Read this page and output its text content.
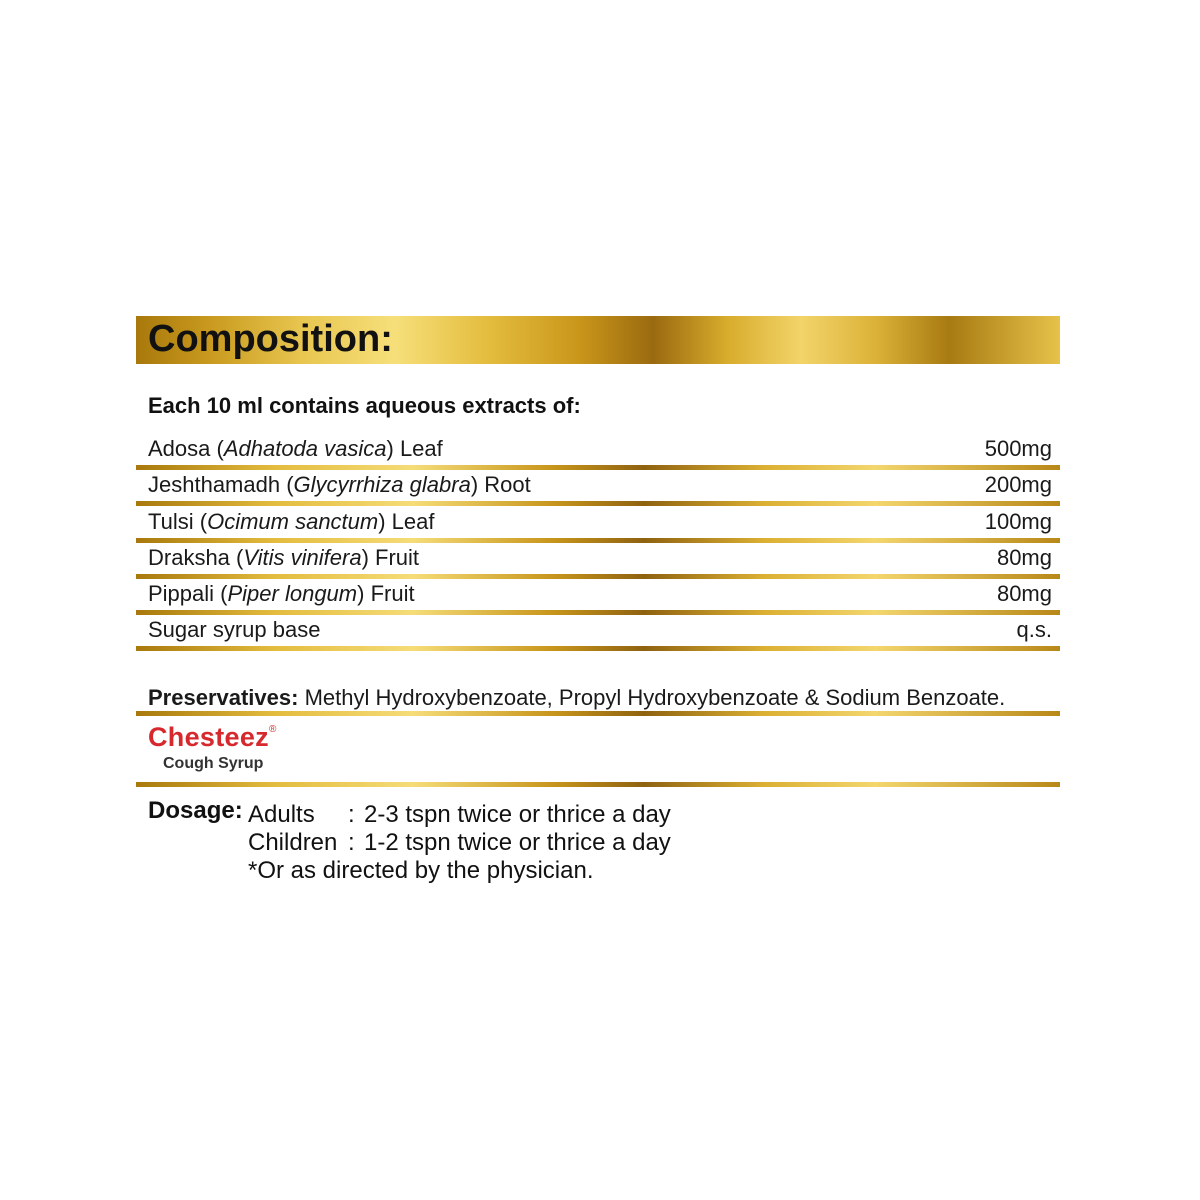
Composition:
Each 10 ml contains aqueous extracts of:
Adosa (Adhatoda vasica) Leaf	500mg
Jeshthamadh (Glycyrrhiza glabra) Root	200mg
Tulsi (Ocimum sanctum) Leaf	100mg
Draksha (Vitis vinifera) Fruit	80mg
Pippali (Piper longum) Fruit	80mg
Sugar syrup base	q.s.
Preservatives: Methyl Hydroxybenzoate, Propyl Hydroxybenzoate & Sodium Benzoate.
Chesteez®
Cough Syrup
Dosage: Adults : 2-3 tspn twice or thrice a day
Children : 1-2 tspn twice or thrice a day
*Or as directed by the physician.
